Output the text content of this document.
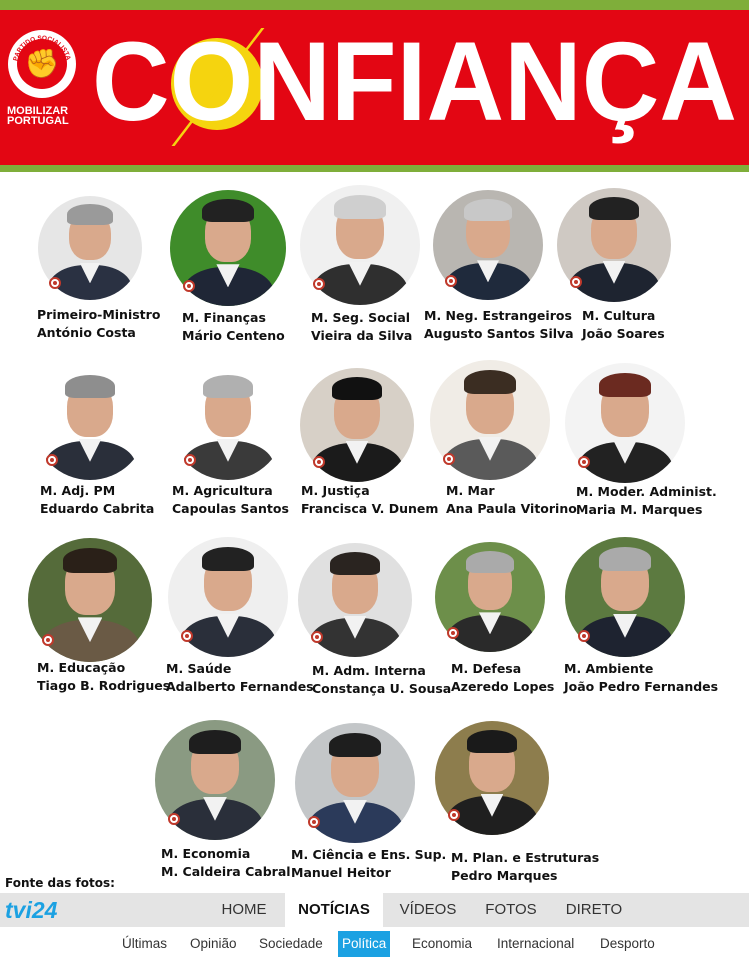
✊
PARTIDO SOCIALISTA
MOBILIZAR
PORTUGAL CONFIANÇA
Primeiro-Ministro
António Costa
M. Finanças
Mário Centeno
M. Seg. Social
Vieira da Silva
M. Neg. Estrangeiros
Augusto Santos Silva
M. Cultura
João Soares
M. Adj. PM
Eduardo Cabrita
M. Agricultura
Capoulas Santos
M. Justiça
Francisca V. Dunem
M. Mar
Ana Paula Vitorino
M. Moder. Administ.
Maria M. Marques
M. Educação
Tiago B. Rodrigues
M. Saúde
Adalberto Fernandes
M. Adm. Interna
Constança U. Sousa
M. Defesa
Azeredo Lopes
M. Ambiente
João Pedro Fernandes
M. Economia
M. Caldeira Cabral
M. Ciência e Ens. Sup.
Manuel Heitor
M. Plan. e Estruturas
Pedro Marques
Fonte das fotos:
tvi24	HOME	NOTÍCIAS	VÍDEOS	FOTOS	DIRETO
Últimas Opinião Sociedade Política Economia Internacional Desporto
